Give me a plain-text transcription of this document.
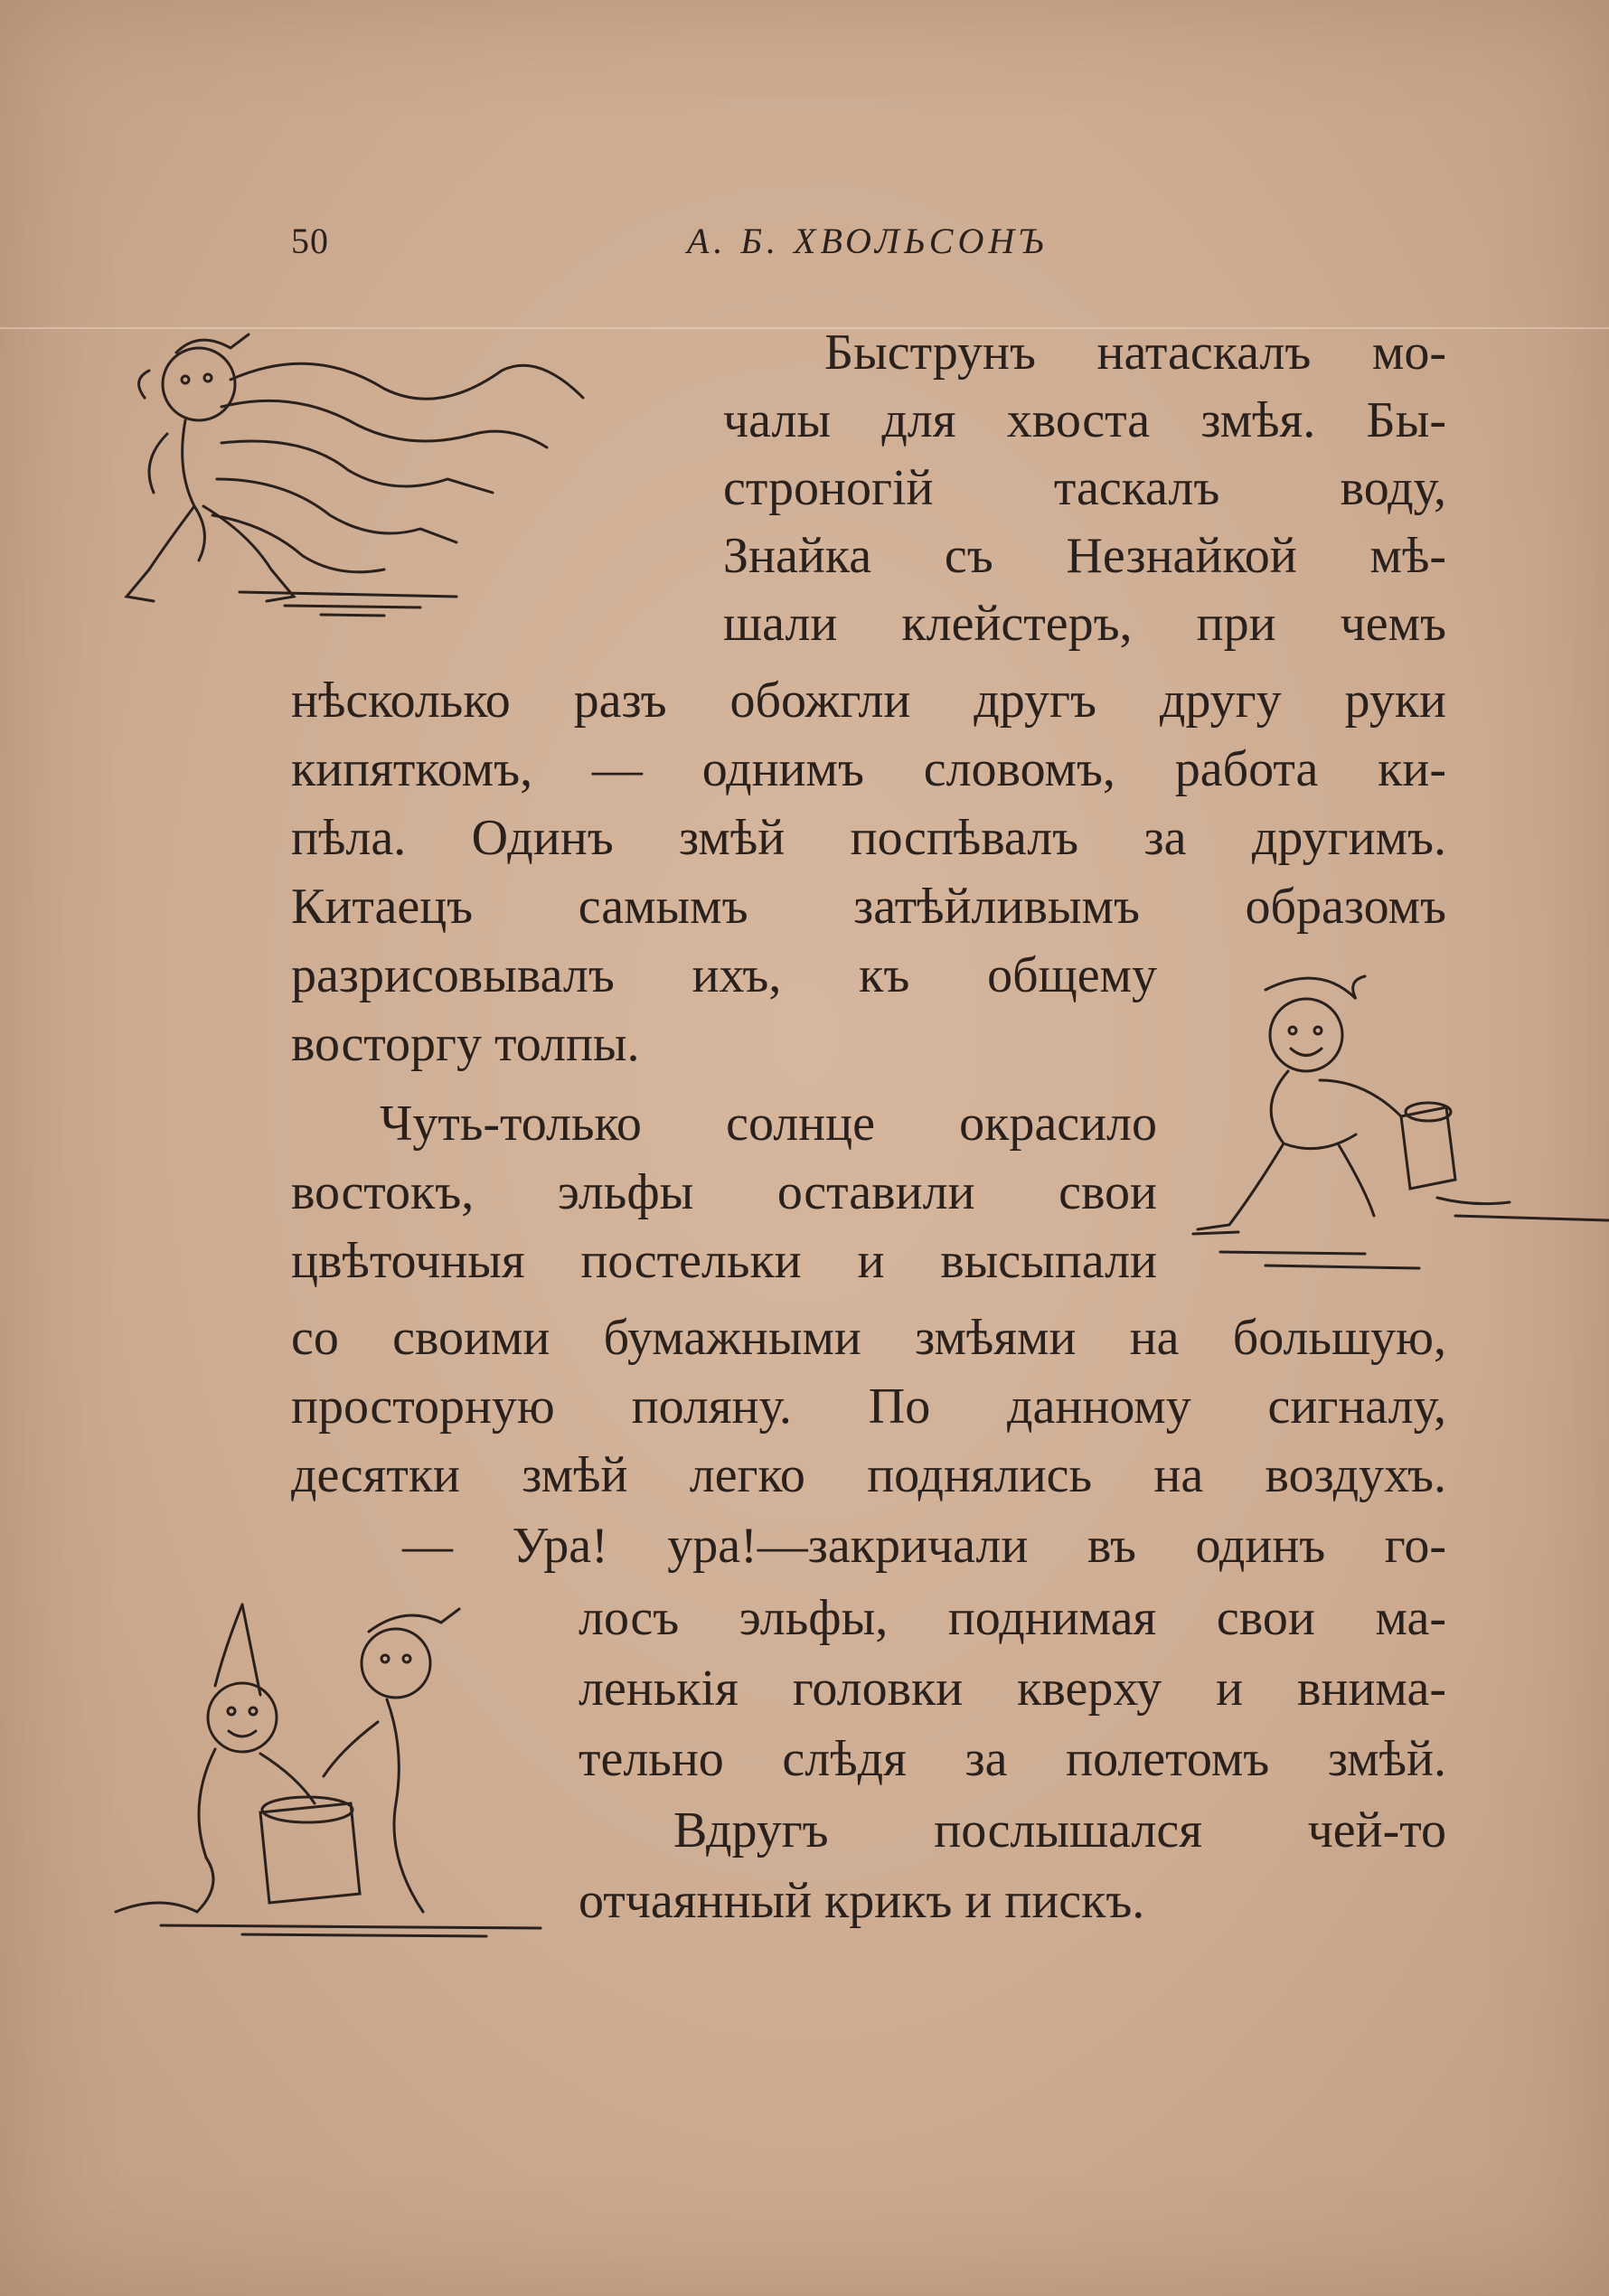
50	А. Б. ХВОЛЬСОНЪ
Быструнъ натаскалъ мо-
чалы для хвоста змѣя. Бы-
строногій таскалъ воду,
Знайка съ Незнайкой мѣ-
шали клейстеръ, при чемъ
нѣсколько разъ обожгли другъ другу руки
кипяткомъ, — однимъ словомъ, работа ки-
пѣла. Одинъ змѣй поспѣвалъ за другимъ.
Китаецъ самымъ затѣйливымъ образомъ
разрисовывалъ ихъ, къ общему
восторгу толпы.
Чуть-только солнце окрасило
востокъ, эльфы оставили свои
цвѣточныя постельки и высыпали
со своими бумажными змѣями на большую,
просторную поляну. По данному сигналу,
десятки змѣй легко поднялись на воздухъ.
— Ура! ура!—закричали въ одинъ го-
лосъ эльфы, поднимая свои ма-
ленькія головки кверху и внима-
тельно слѣдя за полетомъ змѣй.
Вдругъ послышался чей-то
отчаянный крикъ и пискъ.
